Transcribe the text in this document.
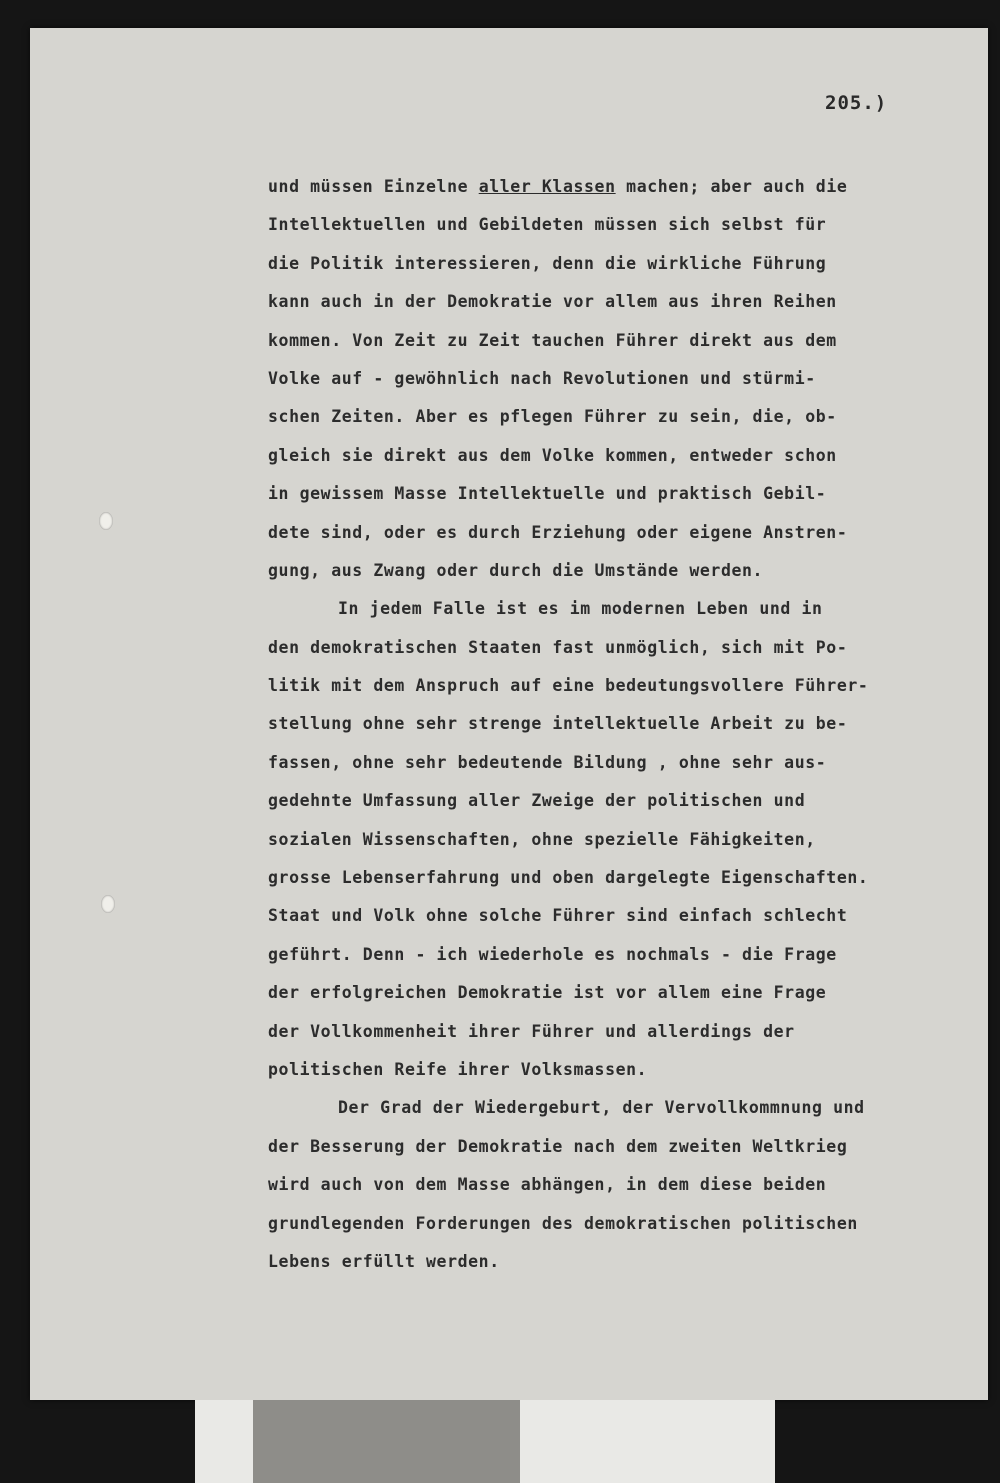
205.)
und müssen Einzelne aller Klassen machen; aber auch die
Intellektuellen und Gebildeten müssen sich selbst für
die Politik interessieren, denn die wirkliche Führung
kann auch in der Demokratie vor allem aus ihren Reihen
kommen. Von Zeit zu Zeit tauchen Führer direkt aus dem
Volke auf - gewöhnlich nach Revolutionen und stürmi-
schen Zeiten. Aber es pflegen Führer zu sein, die, ob-
gleich sie direkt aus dem Volke kommen, entweder schon
in gewissem Masse Intellektuelle und praktisch Gebil-
dete sind, oder es durch Erziehung oder eigene Anstren-
gung, aus Zwang oder durch die Umstände werden.
In jedem Falle ist es im modernen Leben und in
den demokratischen Staaten fast unmöglich, sich mit Po-
litik mit dem Anspruch auf eine bedeutungsvollere Führer-
stellung ohne sehr strenge intellektuelle Arbeit zu be-
fassen, ohne sehr bedeutende Bildung , ohne sehr aus-
gedehnte Umfassung aller Zweige der politischen und
sozialen Wissenschaften, ohne spezielle Fähigkeiten,
grosse Lebenserfahrung und oben dargelegte Eigenschaften.
Staat und Volk ohne solche Führer sind einfach schlecht
geführt. Denn - ich wiederhole es nochmals - die Frage
der erfolgreichen Demokratie ist vor allem eine Frage
der Vollkommenheit ihrer Führer und allerdings der
politischen Reife ihrer Volksmassen.
Der Grad der Wiedergeburt, der Vervollkommnung und
der Besserung der Demokratie nach dem zweiten Weltkrieg
wird auch von dem Masse abhängen, in dem diese beiden
grundlegenden Forderungen des demokratischen politischen
Lebens erfüllt werden.
